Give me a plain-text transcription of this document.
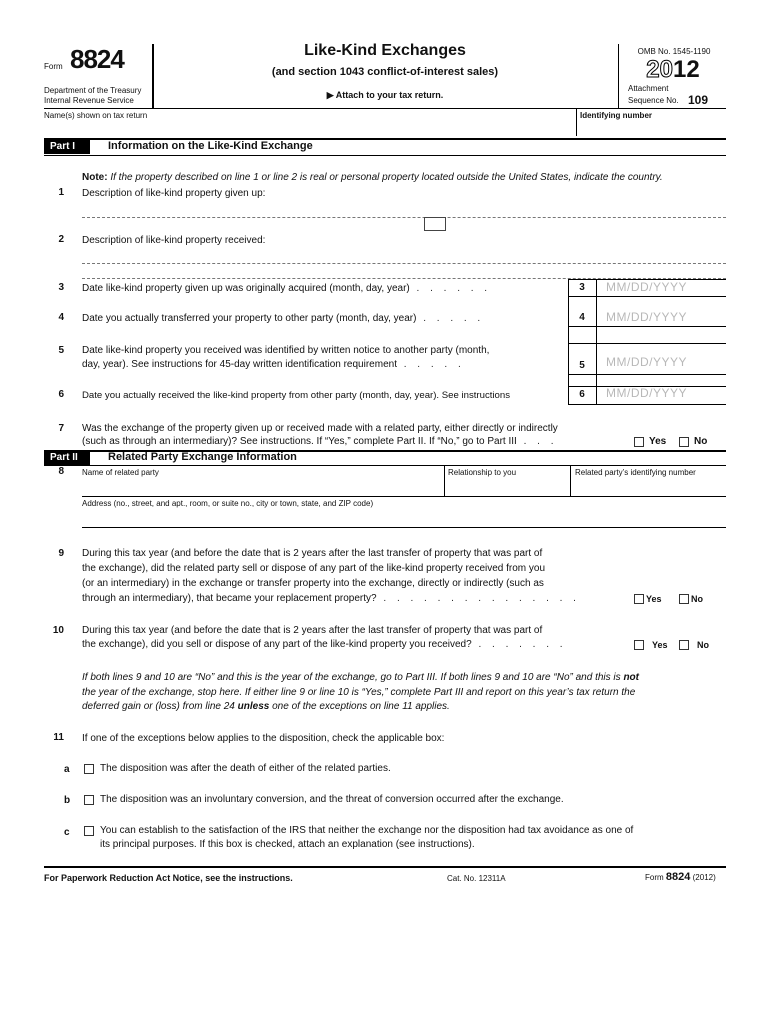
Form 8824
Department of the Treasury
Internal Revenue Service
Like-Kind Exchanges
(and section 1043 conflict-of-interest sales)
▶ Attach to your tax return.
OMB No. 1545-1190
2012
Attachment
Sequence No. 109
Name(s) shown on tax return	Identifying number
Part I	Information on the Like-Kind Exchange
Note: If the property described on line 1 or line 2 is real or personal property located outside the United States, indicate the country.
1 Description of like-kind property given up:
2 Description of like-kind property received:
3 Date like-kind property given up was originally acquired (month, day, year) . . . . . .	3	MM/DD/YYYY
4 Date you actually transferred your property to other party (month, day, year) . . . . .	4	MM/DD/YYYY
5 Date like-kind property you received was identified by written notice to another party (month,
day, year). See instructions for 45-day written identification requirement . . . . .	5	MM/DD/YYYY
6 Date you actually received the like-kind property from other party (month, day, year). See instructions	6	MM/DD/YYYY
7 Was the exchange of the property given up or received made with a related party, either directly or indirectly
(such as through an intermediary)? See instructions. If “Yes,” complete Part II. If “No,” go to Part III . . .	Yes	No
Part II	Related Party Exchange Information
8 Name of related party	Relationship to you	Related party’s identifying number
Address (no., street, and apt., room, or suite no., city or town, state, and ZIP code)
9 During this tax year (and before the date that is 2 years after the last transfer of property that was part of
the exchange), did the related party sell or dispose of any part of the like-kind property received from you
(or an intermediary) in the exchange or transfer property into the exchange, directly or indirectly (such as
through an intermediary), that became your replacement property? . . . . . . . . . . . . . . .	Yes	No
10 During this tax year (and before the date that is 2 years after the last transfer of property that was part of
the exchange), did you sell or dispose of any part of the like-kind property you received? . . . . . . .	Yes	No
If both lines 9 and 10 are “No” and this is the year of the exchange, go to Part III. If both lines 9 and 10 are “No” and this is not
the year of the exchange, stop here. If either line 9 or line 10 is “Yes,” complete Part III and report on this year’s tax return the
deferred gain or (loss) from line 24 unless one of the exceptions on line 11 applies.
11 If one of the exceptions below applies to the disposition, check the applicable box:
a	The disposition was after the death of either of the related parties.
b	The disposition was an involuntary conversion, and the threat of conversion occurred after the exchange.
c	You can establish to the satisfaction of the IRS that neither the exchange nor the disposition had tax avoidance as one of
its principal purposes. If this box is checked, attach an explanation (see instructions).
For Paperwork Reduction Act Notice, see the instructions.	Cat. No. 12311A	Form 8824 (2012)
